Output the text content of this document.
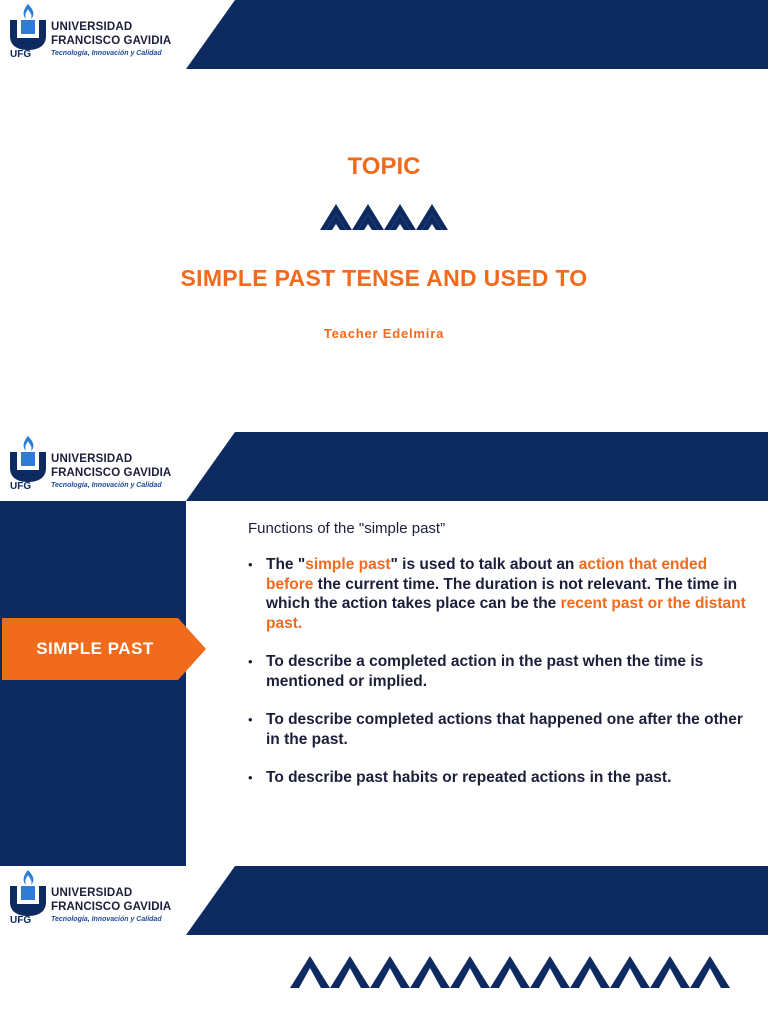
UFG
UNIVERSIDAD
FRANCISCO GAVIDIA
Tecnología, Innovación y Calidad
TOPIC
SIMPLE PAST TENSE AND USED TO
Teacher Edelmira
UFG
UNIVERSIDAD
FRANCISCO GAVIDIA
Tecnología, Innovación y Calidad
SIMPLE PAST
Functions of the "simple past”
• The "simple past" is used to talk about an action that ended before the current time. The duration is not relevant. The time in which the action takes place can be the recent past or the distant past.
• To describe a completed action in the past when the time is mentioned or implied.
• To describe completed actions that happened one after the other in the past.
• To describe past habits or repeated actions in the past.
UFG
UNIVERSIDAD
FRANCISCO GAVIDIA
Tecnología, Innovación y Calidad
